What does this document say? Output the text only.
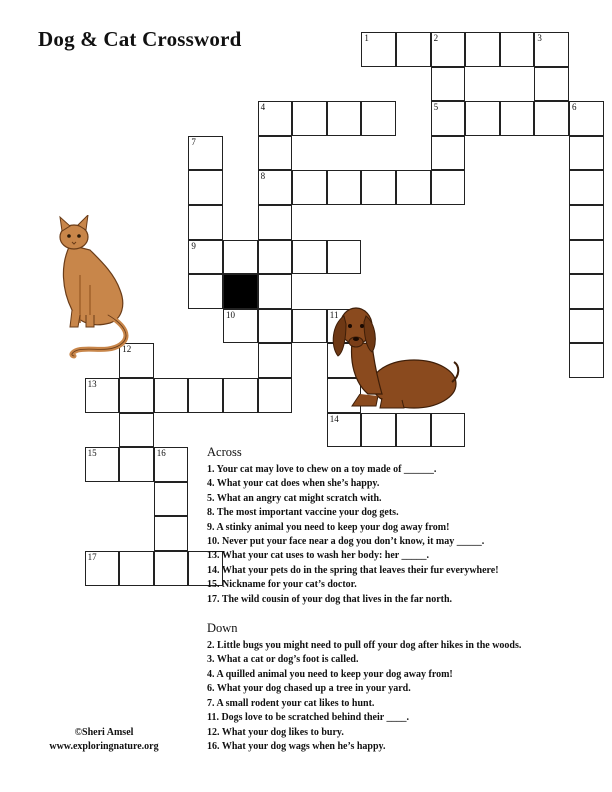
Dog & Cat Crossword	1	2	3
4	5	6
7
8
9
10	11
12
13
14
15	16
17
Across
1. Your cat may love to chew on a toy made of ______.
4. What your cat does when she’s happy.
5. What an angry cat might scratch with.
8. The most important vaccine your dog gets.
9. A stinky animal you need to keep your dog away from!
10. Never put your face near a dog you don’t know, it may _____.
13. What your cat uses to wash her body: her _____.
14. What your pets do in the spring that leaves their fur everywhere!
15. Nickname for your cat’s doctor.
17. The wild cousin of your dog that lives in the far north.
Down
2. Little bugs you might need to pull off your dog after hikes in the woods.
3. What a cat or dog’s foot is called.
4. A quilled animal you need to keep your dog away from!
6. What your dog chased up a tree in your yard.
7. A small rodent your cat likes to hunt.
11. Dogs love to be scratched behind their ____.
12. What your dog likes to bury.
16. What your dog wags when he’s happy.
©Sheri Amsel
www.exploringnature.org
